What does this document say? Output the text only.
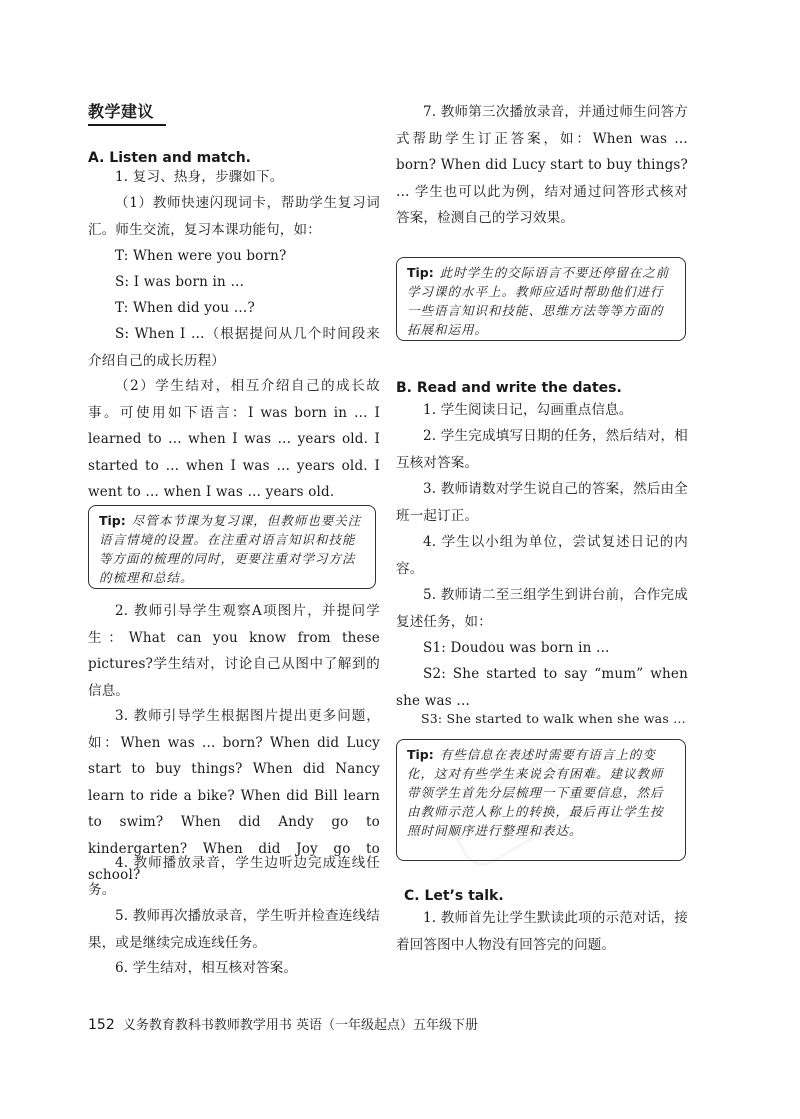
教学建议
A. Listen and match.

1. 复习、热身，步骤如下。

（1）教师快速闪现词卡，帮助学生复习词汇。师生交流，复习本课功能句，如：

T: When were you born?

S: I was born in …

T: When did you …?

S: When I …（根据提问从几个时间段来介绍自己的成长历程）

（2）学生结对，相互介绍自己的成长故事。可使用如下语言：I was born in … I learned to … when I was … years old. I started to … when I was … years old. I went to … when I was … years old.

Tip: 尽管本节课为复习课，但教师也要关注语言情境的设置。在注重对语言知识和技能等方面的梳理的同时，更要注重对学习方法的梳理和总结。

2. 教师引导学生观察A项图片，并提问学生：What can you know from these pictures?学生结对，讨论自己从图中了解到的信息。

3. 教师引导学生根据图片提出更多问题，如：When was … born? When did Lucy start to buy things? When did Nancy learn to ride a bike? When did Bill learn to swim? When did Andy go to kindergarten? When did Joy go to school?

4. 教师播放录音，学生边听边完成连线任务。

5. 教师再次播放录音，学生听并检查连线结果，或是继续完成连线任务。

6. 学生结对，相互核对答案。

7. 教师第三次播放录音，并通过师生问答方式帮助学生订正答案，如：When was … born? When did Lucy start to buy things? … 学生也可以此为例，结对通过问答形式核对答案，检测自己的学习效果。

Tip: 此时学生的交际语言不要还停留在之前学习课的水平上。教师应适时帮助他们进行一些语言知识和技能、思维方法等等方面的拓展和运用。
B. Read and write the dates.

1. 学生阅读日记，勾画重点信息。

2. 学生完成填写日期的任务，然后结对，相互核对答案。

3. 教师请数对学生说自己的答案，然后由全班一起订正。

4. 学生以小组为单位，尝试复述日记的内容。

5. 教师请二至三组学生到讲台前，合作完成复述任务，如：

S1: Doudou was born in …

S2: She started to say “mum” when she was …

S3: She started to walk when she was …

Tip: 有些信息在表述时需要有语言上的变化，这对有些学生来说会有困难。建议教师带领学生首先分层梳理一下重要信息，然后由教师示范人称上的转换，最后再让学生按照时间顺序进行整理和表达。
C. Let’s talk.

1. 教师首先让学生默读此项的示范对话，接着回答图中人物没有回答完的问题。

152 义务教育教科书教师教学用书 英语（一年级起点）五年级下册
